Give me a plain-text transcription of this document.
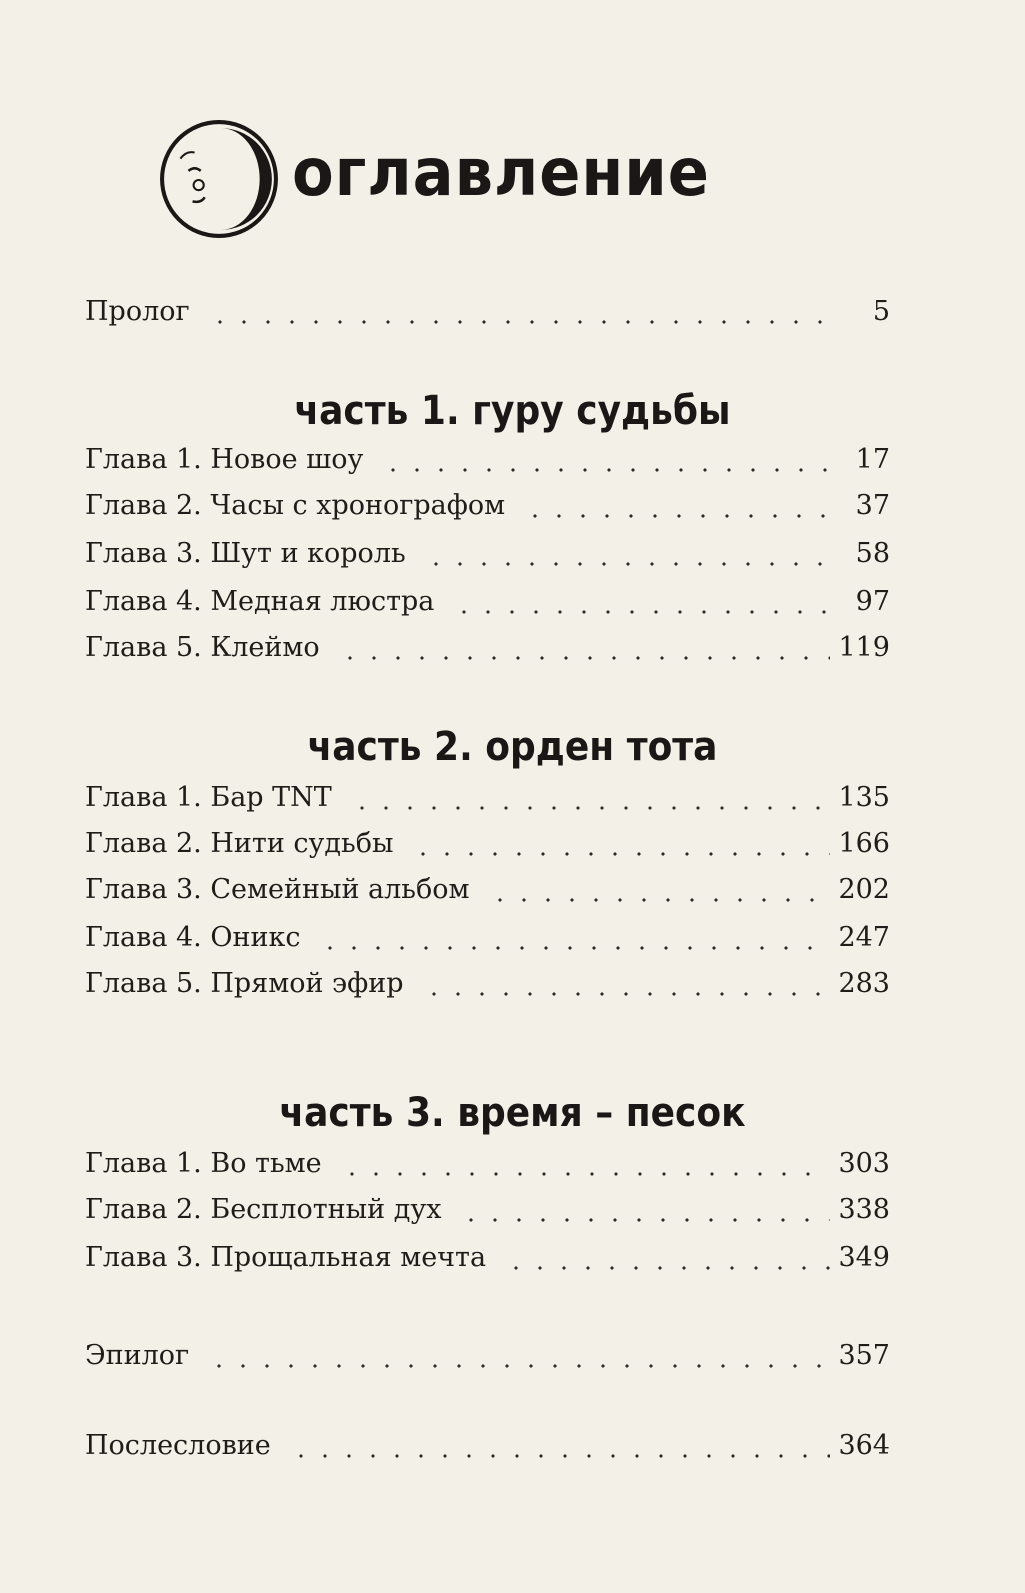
оглавление
Пролог	5
часть 1. гуру судьбы
Глава 1. Новое шоу	17
Глава 2. Часы с хронографом	37
Глава 3. Шут и король	58
Глава 4. Медная люстра	97
Глава 5. Клеймо	119
часть 2. орден тота
Глава 1. Бар TNT	135
Глава 2. Нити судьбы	166
Глава 3. Семейный альбом	202
Глава 4. Оникс	247
Глава 5. Прямой эфир	283
часть 3. время – песок
Глава 1. Во тьме	303
Глава 2. Бесплотный дух	338
Глава 3. Прощальная мечта	349
Эпилог	357
Послесловие	364
